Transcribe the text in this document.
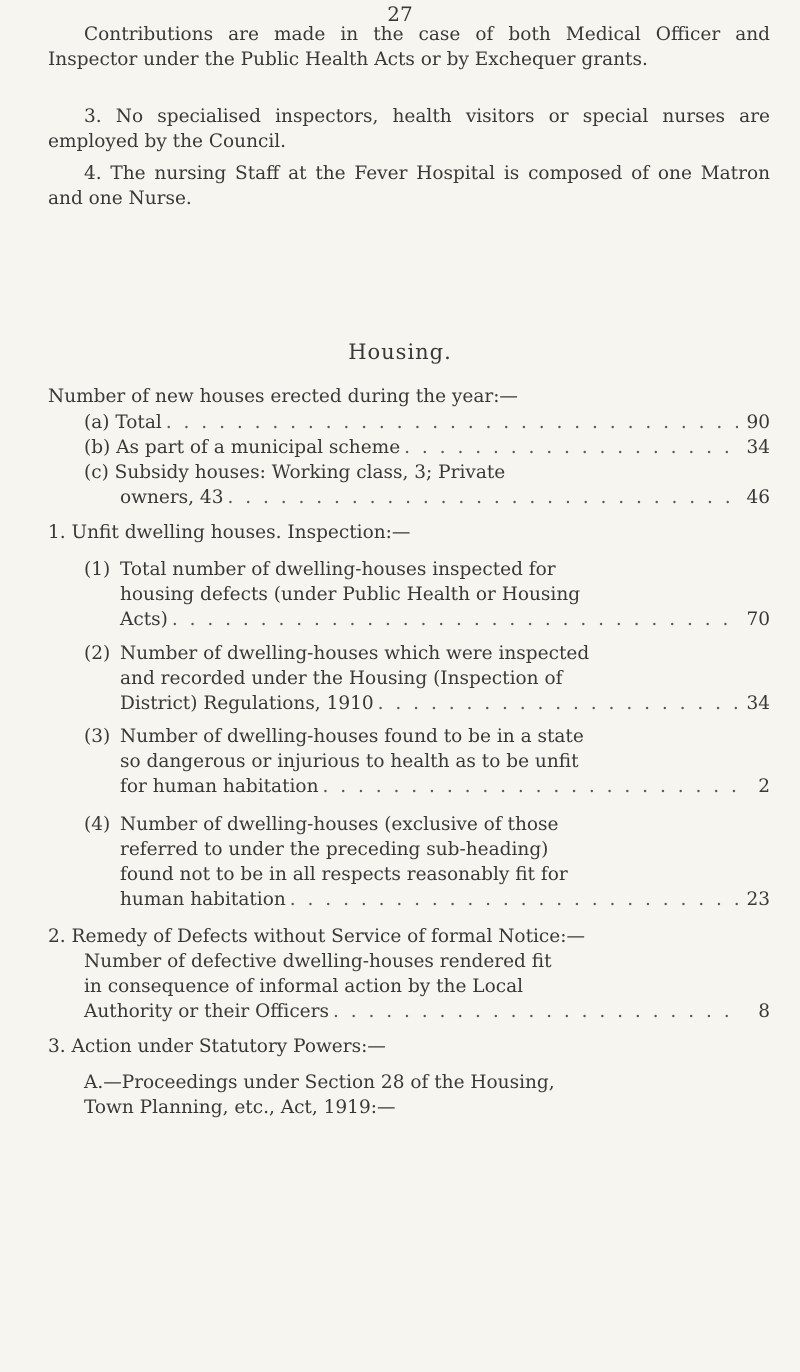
27

Contributions are made in the case of both Medical Officer and Inspector under the Public Health Acts or by Exchequer grants.

3. No specialised inspectors, health visitors or special nurses are employed by the Council.

4. The nursing Staff at the Fever Hospital is composed of one Matron and one Nurse.

Housing.
Number of new houses erected during the year:—
(a) Total . . .	90
(b) As part of a municipal scheme . . .	34
(c) Subsidy houses: Working class, 3; Private
owners, 43 . . .	46
1. Unfit dwelling houses. Inspection:—
(1) Total number of dwelling-houses inspected for
housing defects (under Public Health or Housing
Acts) . . .	70
(2) Number of dwelling-houses which were inspected
and recorded under the Housing (Inspection of
District) Regulations, 1910 . . .	34
(3) Number of dwelling-houses found to be in a state
so dangerous or injurious to health as to be unfit
for human habitation . . .	2
(4) Number of dwelling-houses (exclusive of those
referred to under the preceding sub-heading)
found not to be in all respects reasonably fit for
human habitation . . .	23
2. Remedy of Defects without Service of formal Notice:—
Number of defective dwelling-houses rendered fit
in consequence of informal action by the Local
Authority or their Officers . . .	8
3. Action under Statutory Powers:—
A.—Proceedings under Section 28 of the Housing,
Town Planning, etc., Act, 1919:—
